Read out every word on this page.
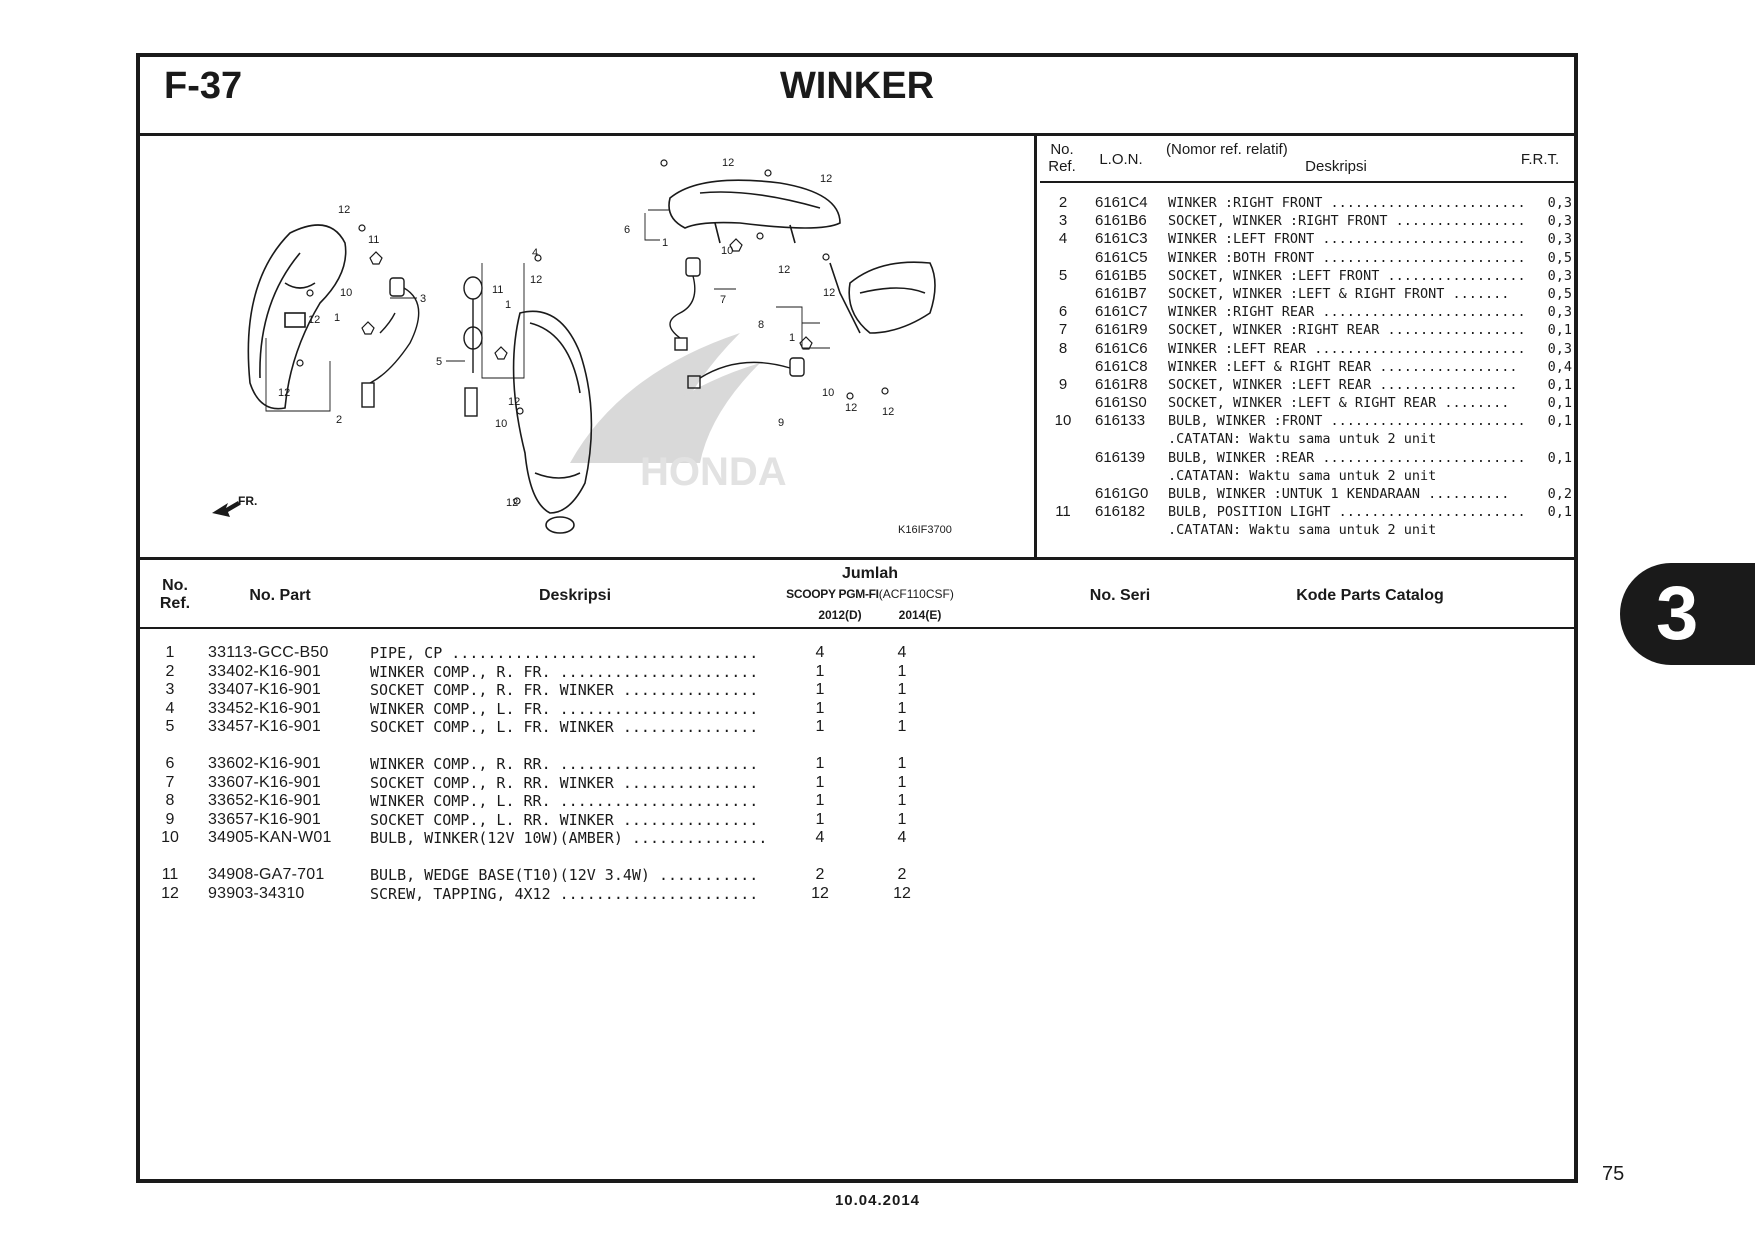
F-37	WINKER
HONDA
FR.
2
12
11
10
12 1
12
3
5
11
10
1
4
12
12
12
6
1
10
7
12
12
12
8
1
12
10
12 12
9
K16IF3700
No.
Ref.	L.O.N.
(Nomor ref. relatif)
Deskripsi	F.R.T.
2	6161C4	WINKER :RIGHT FRONT ........................	0,3
3	6161B6	SOCKET, WINKER :RIGHT FRONT ................	0,3
4	6161C3	WINKER :LEFT FRONT .........................	0,3
6161C5	WINKER :BOTH FRONT .........................	0,5
5	6161B5	SOCKET, WINKER :LEFT FRONT .................	0,3
6161B7	SOCKET, WINKER :LEFT & RIGHT FRONT .......	0,5
6	6161C7	WINKER :RIGHT REAR .........................	0,3
7	6161R9	SOCKET, WINKER :RIGHT REAR .................	0,1
8	6161C6	WINKER :LEFT REAR ..........................	0,3
6161C8	WINKER :LEFT & RIGHT REAR .................	0,4
9	6161R8	SOCKET, WINKER :LEFT REAR .................	0,1
6161S0	SOCKET, WINKER :LEFT & RIGHT REAR ........	0,1
10	616133	BULB, WINKER :FRONT ........................	0,1
.CATATAN: Waktu sama untuk 2 unit
616139	BULB, WINKER :REAR .........................	0,1
.CATATAN: Waktu sama untuk 2 unit
6161G0	BULB, WINKER :UNTUK 1 KENDARAAN ..........	0,2
11	616182	BULB, POSITION LIGHT .......................	0,1
.CATATAN: Waktu sama untuk 2 unit
No.
Ref.	No. Part	Deskripsi
Jumlah
SCOOPY PGM-FI(ACF110CSF)
2012(D)	2014(E)
No. Seri	Kode Parts Catalog
1	33113-GCC-B50	PIPE, CP ..................................	4	4
2	33402-K16-901	WINKER COMP., R. FR. ......................	1	1
3	33407-K16-901	SOCKET COMP., R. FR. WINKER ...............	1	1
4	33452-K16-901	WINKER COMP., L. FR. ......................	1	1
5	33457-K16-901	SOCKET COMP., L. FR. WINKER ...............	1	1
6	33602-K16-901	WINKER COMP., R. RR. ......................	1	1
7	33607-K16-901	SOCKET COMP., R. RR. WINKER ...............	1	1
8	33652-K16-901	WINKER COMP., L. RR. ......................	1	1
9	33657-K16-901	SOCKET COMP., L. RR. WINKER ...............	1	1
10	34905-KAN-W01	BULB, WINKER(12V 10W)(AMBER) ...............	4	4
11	34908-GA7-701	BULB, WEDGE BASE(T10)(12V 3.4W) ...........	2	2
12	93903-34310	SCREW, TAPPING, 4X12 ......................	12	12
3
75
10.04.2014
